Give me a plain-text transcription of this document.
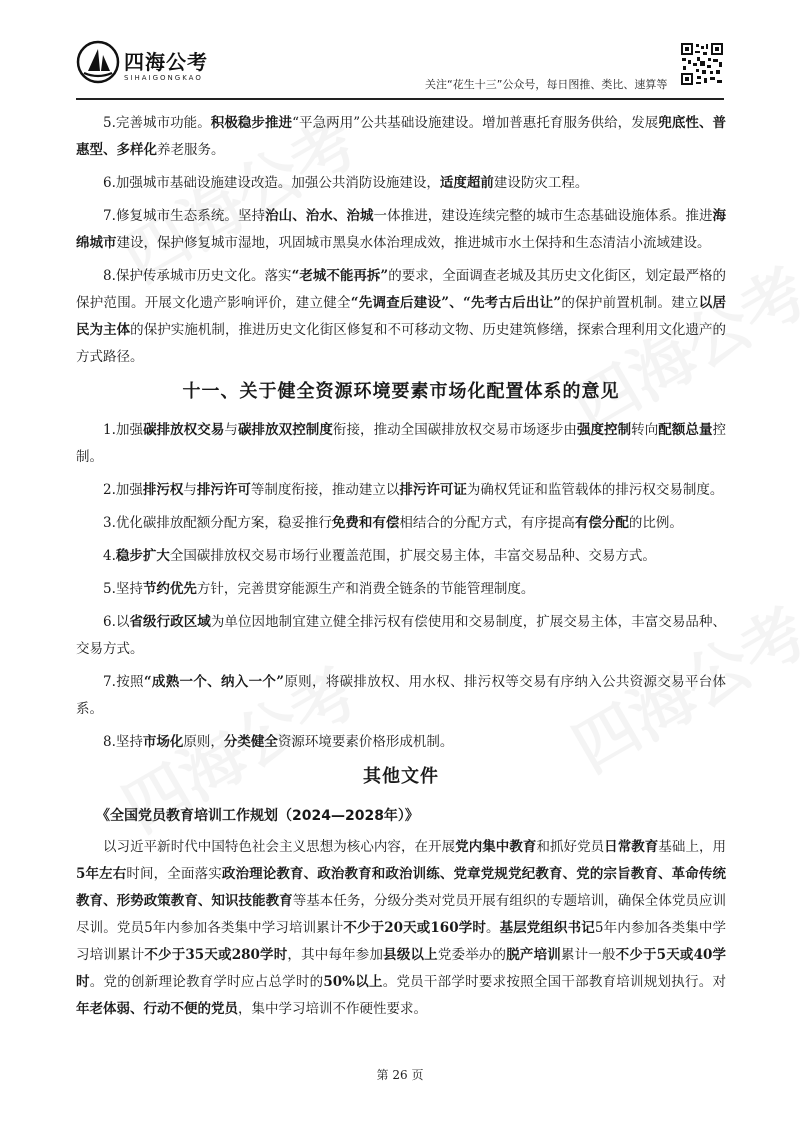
四海公考
SIHAIGONGKAO	关注“花生十三”公众号，每日图推、类比、速算等

5.完善城市功能。积极稳步推进“平急两用”公共基础设施建设。增加普惠托育服务供给，发展兜底性、普惠型、多样化养老服务。

6.加强城市基础设施建设改造。加强公共消防设施建设，适度超前建设防灾工程。

7.修复城市生态系统。坚持治山、治水、治城一体推进，建设连续完整的城市生态基础设施体系。推进海绵城市建设，保护修复城市湿地，巩固城市黑臭水体治理成效，推进城市水土保持和生态清洁小流域建设。

8.保护传承城市历史文化。落实“老城不能再拆”的要求，全面调查老城及其历史文化街区，划定最严格的保护范围。开展文化遗产影响评价，建立健全“先调查后建设”、“先考古后出让”的保护前置机制。建立以居民为主体的保护实施机制，推进历史文化街区修复和不可移动文物、历史建筑修缮，探索合理利用文化遗产的方式路径。

十一、关于健全资源环境要素市场化配置体系的意见

1.加强碳排放权交易与碳排放双控制度衔接，推动全国碳排放权交易市场逐步由强度控制转向配额总量控制。

2.加强排污权与排污许可等制度衔接，推动建立以排污许可证为确权凭证和监管载体的排污权交易制度。

3.优化碳排放配额分配方案，稳妥推行免费和有偿相结合的分配方式，有序提高有偿分配的比例。

4.稳步扩大全国碳排放权交易市场行业覆盖范围，扩展交易主体，丰富交易品种、交易方式。

5.坚持节约优先方针，完善贯穿能源生产和消费全链条的节能管理制度。

6.以省级行政区域为单位因地制宜建立健全排污权有偿使用和交易制度，扩展交易主体，丰富交易品种、交易方式。

7.按照“成熟一个、纳入一个”原则，将碳排放权、用水权、排污权等交易有序纳入公共资源交易平台体系。

8.坚持市场化原则，分类健全资源环境要素价格形成机制。

其他文件
《全国党员教育培训工作规划（2024—2028年）》

以习近平新时代中国特色社会主义思想为核心内容，在开展党内集中教育和抓好党员日常教育基础上，用5年左右时间，全面落实政治理论教育、政治教育和政治训练、党章党规党纪教育、党的宗旨教育、革命传统教育、形势政策教育、知识技能教育等基本任务，分级分类对党员开展有组织的专题培训，确保全体党员应训尽训。党员5年内参加各类集中学习培训累计不少于20天或160学时。基层党组织书记5年内参加各类集中学习培训累计不少于35天或280学时，其中每年参加县级以上党委举办的脱产培训累计一般不少于5天或40学时。党的创新理论教育学时应占总学时的50%以上。党员干部学时要求按照全国干部教育培训规划执行。对年老体弱、行动不便的党员，集中学习培训不作硬性要求。

第 26 页
